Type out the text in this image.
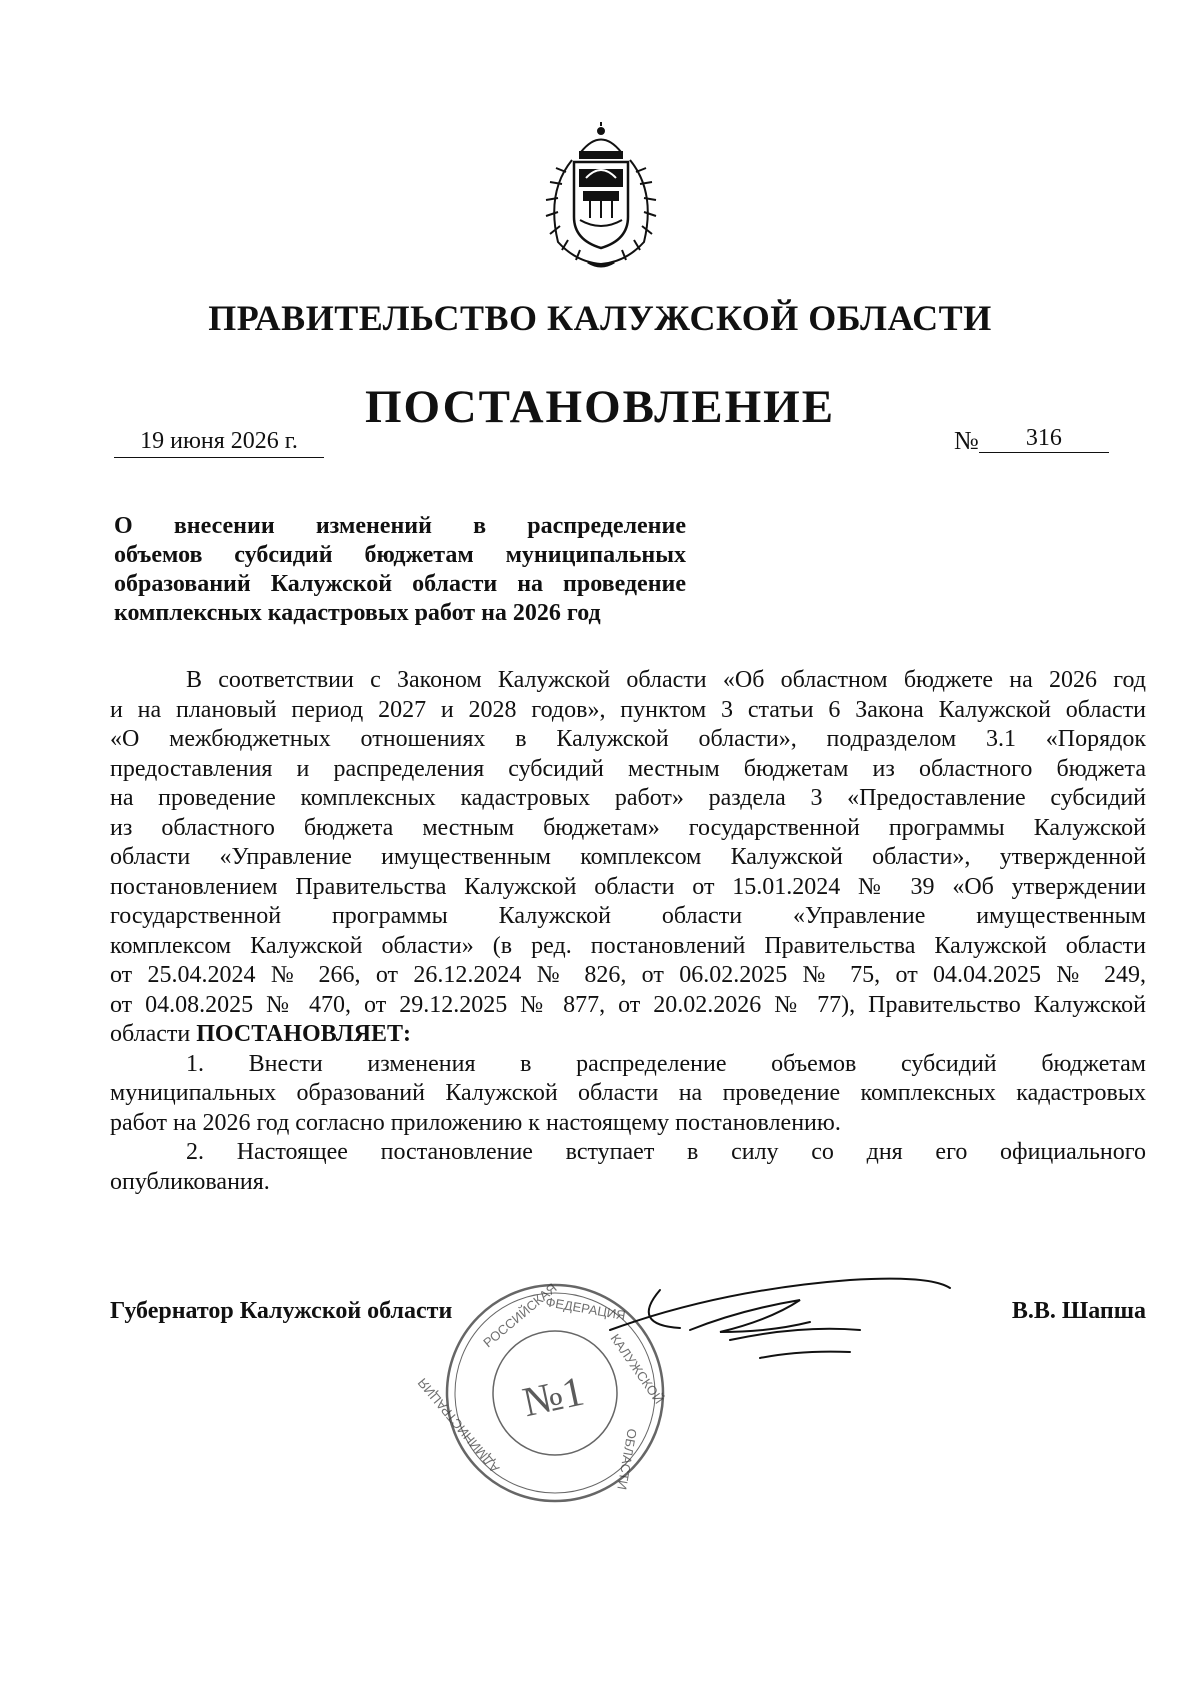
ПРАВИТЕЛЬСТВО КАЛУЖСКОЙ ОБЛАСТИ
ПОСТАНОВЛЕНИЕ
19 июня 2026 г.	№ 316
О внесении изменений в распределение
объемов субсидий бюджетам муниципальных
образований Калужской области на проведение
комплексных кадастровых работ на 2026 год
В соответствии с Законом Калужской области «Об областном бюджете на 2026 год
и на плановый период 2027 и 2028 годов», пунктом 3 статьи 6 Закона Калужской области
«О межбюджетных отношениях в Калужской области», подразделом 3.1 «Порядок
предоставления и распределения субсидий местным бюджетам из областного бюджета
на проведение комплексных кадастровых работ» раздела 3 «Предоставление субсидий
из областного бюджета местным бюджетам» государственной программы Калужской
области «Управление имущественным комплексом Калужской области», утвержденной
постановлением Правительства Калужской области от 15.01.2024 № 39 «Об утверждении
государственной программы Калужской области «Управление имущественным
комплексом Калужской области» (в ред. постановлений Правительства Калужской области
от 25.04.2024 № 266, от 26.12.2024 № 826, от 06.02.2025 № 75, от 04.04.2025 № 249,
от 04.08.2025 № 470, от 29.12.2025 № 877, от 20.02.2026 № 77), Правительство Калужской
области ПОСТАНОВЛЯЕТ:
1. Внести изменения в распределение объемов субсидий бюджетам
муниципальных образований Калужской области на проведение комплексных кадастровых
работ на 2026 год согласно приложению к настоящему постановлению.
2. Настоящее постановление вступает в силу со дня его официального
опубликования.
РОССИЙСКАЯ
ФЕДЕРАЦИЯ
КАЛУЖСКОЙ
ОБЛАСТИ
АДМИНИСТРАЦИЯ №1
Губернатор Калужской области	В.В. Шапша
